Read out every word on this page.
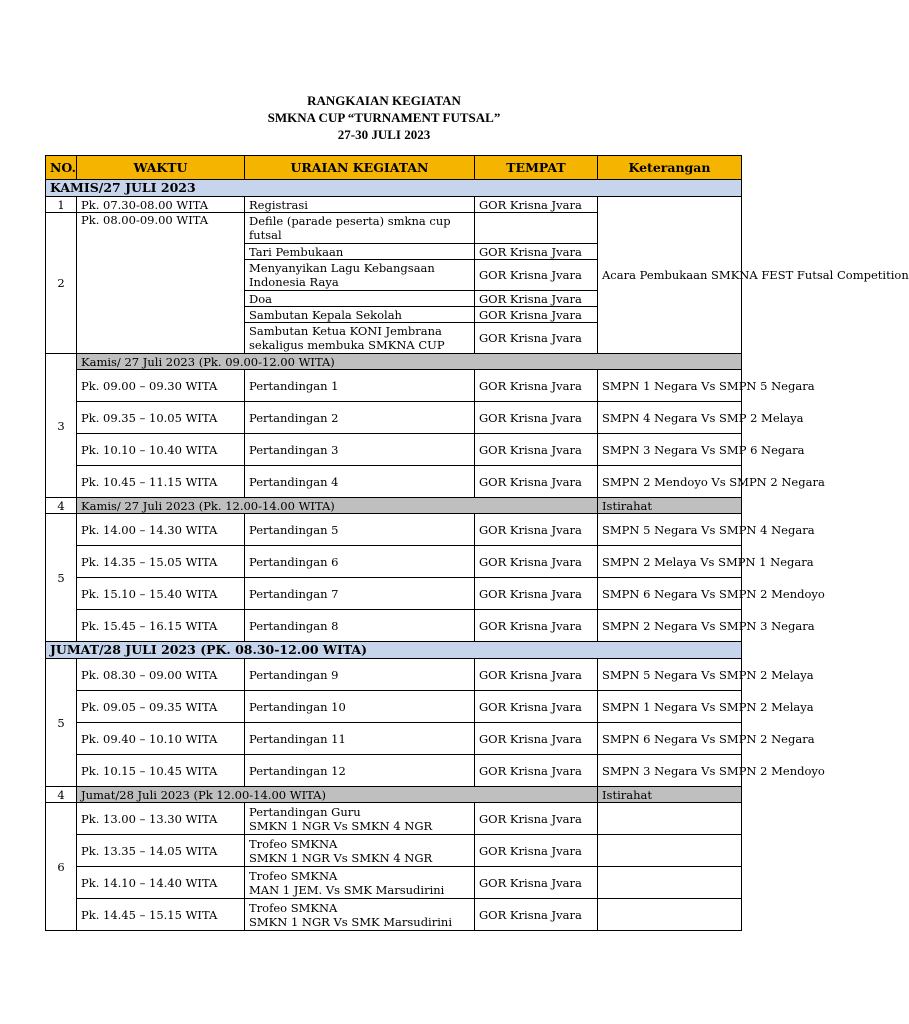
RANGKAIAN KEGIATAN
SMKNA CUP “TURNAMENT FUTSAL”
27-30 JULI 2023
NO.	WAKTU	URAIAN KEGIATAN	TEMPAT	Keterangan
KAMIS/27 JULI 2023				
1	Pk. 07.30-08.00 WITA	Registrasi	GOR Krisna Jvara	Acara Pembukaan SMKNA FEST Futsal Competition
2	Pk. 08.00-09.00 WITA	Defile (parade peserta) smkna cup futsal		
		Tari Pembukaan	GOR Krisna Jvara	
		Menyanyikan Lagu Kebangsaan Indonesia Raya	GOR Krisna Jvara	
		Doa	GOR Krisna Jvara	
		Sambutan Kepala Sekolah	GOR Krisna Jvara	
		Sambutan Ketua KONI Jembrana sekaligus membuka SMKNA CUP	GOR Krisna Jvara	
3	Kamis/ 27 Juli 2023 (Pk. 09.00-12.00 WITA)			
	Pk. 09.00 – 09.30 WITA	Pertandingan 1	GOR Krisna Jvara	SMPN 1 Negara Vs SMPN 5 Negara
	Pk. 09.35 – 10.05 WITA	Pertandingan 2	GOR Krisna Jvara	SMPN 4 Negara Vs SMP 2 Melaya
	Pk. 10.10 – 10.40 WITA	Pertandingan 3	GOR Krisna Jvara	SMPN 3 Negara Vs SMP 6 Negara
	Pk. 10.45 – 11.15 WITA	Pertandingan 4	GOR Krisna Jvara	SMPN 2 Mendoyo Vs SMPN 2 Negara
4	Kamis/ 27 Juli 2023 (Pk. 12.00-14.00 WITA)			Istirahat
5	Pk. 14.00 – 14.30 WITA	Pertandingan 5	GOR Krisna Jvara	SMPN 5 Negara Vs SMPN 4 Negara
	Pk. 14.35 – 15.05 WITA	Pertandingan 6	GOR Krisna Jvara	SMPN 2 Melaya Vs SMPN 1 Negara
	Pk. 15.10 – 15.40 WITA	Pertandingan 7	GOR Krisna Jvara	SMPN 6 Negara Vs SMPN 2 Mendoyo
	Pk. 15.45 – 16.15 WITA	Pertandingan 8	GOR Krisna Jvara	SMPN 2 Negara Vs SMPN 3 Negara
JUMAT/28 JULI 2023 (PK. 08.30-12.00 WITA)				
5	Pk. 08.30 – 09.00 WITA	Pertandingan 9	GOR Krisna Jvara	SMPN 5 Negara Vs SMPN 2 Melaya
	Pk. 09.05 – 09.35 WITA	Pertandingan 10	GOR Krisna Jvara	SMPN 1 Negara Vs SMPN 2 Melaya
	Pk. 09.40 – 10.10 WITA	Pertandingan 11	GOR Krisna Jvara	SMPN 6 Negara Vs SMPN 2 Negara
	Pk. 10.15 – 10.45 WITA	Pertandingan 12	GOR Krisna Jvara	SMPN 3 Negara Vs SMPN 2 Mendoyo
4	Jumat/28 Juli 2023 (Pk 12.00-14.00 WITA)			Istirahat
6	Pk. 13.00 – 13.30 WITA	Pertandingan Guru
SMKN 1 NGR Vs SMKN 4 NGR	GOR Krisna Jvara	
	Pk. 13.35 – 14.05 WITA	Trofeo SMKNA
SMKN 1 NGR Vs SMKN 4 NGR	GOR Krisna Jvara	
	Pk. 14.10 – 14.40 WITA	Trofeo SMKNA
MAN 1 JEM. Vs SMK Marsudirini	GOR Krisna Jvara	
	Pk. 14.45 – 15.15 WITA	Trofeo SMKNA
SMKN 1 NGR Vs SMK Marsudirini	GOR Krisna Jvara	
